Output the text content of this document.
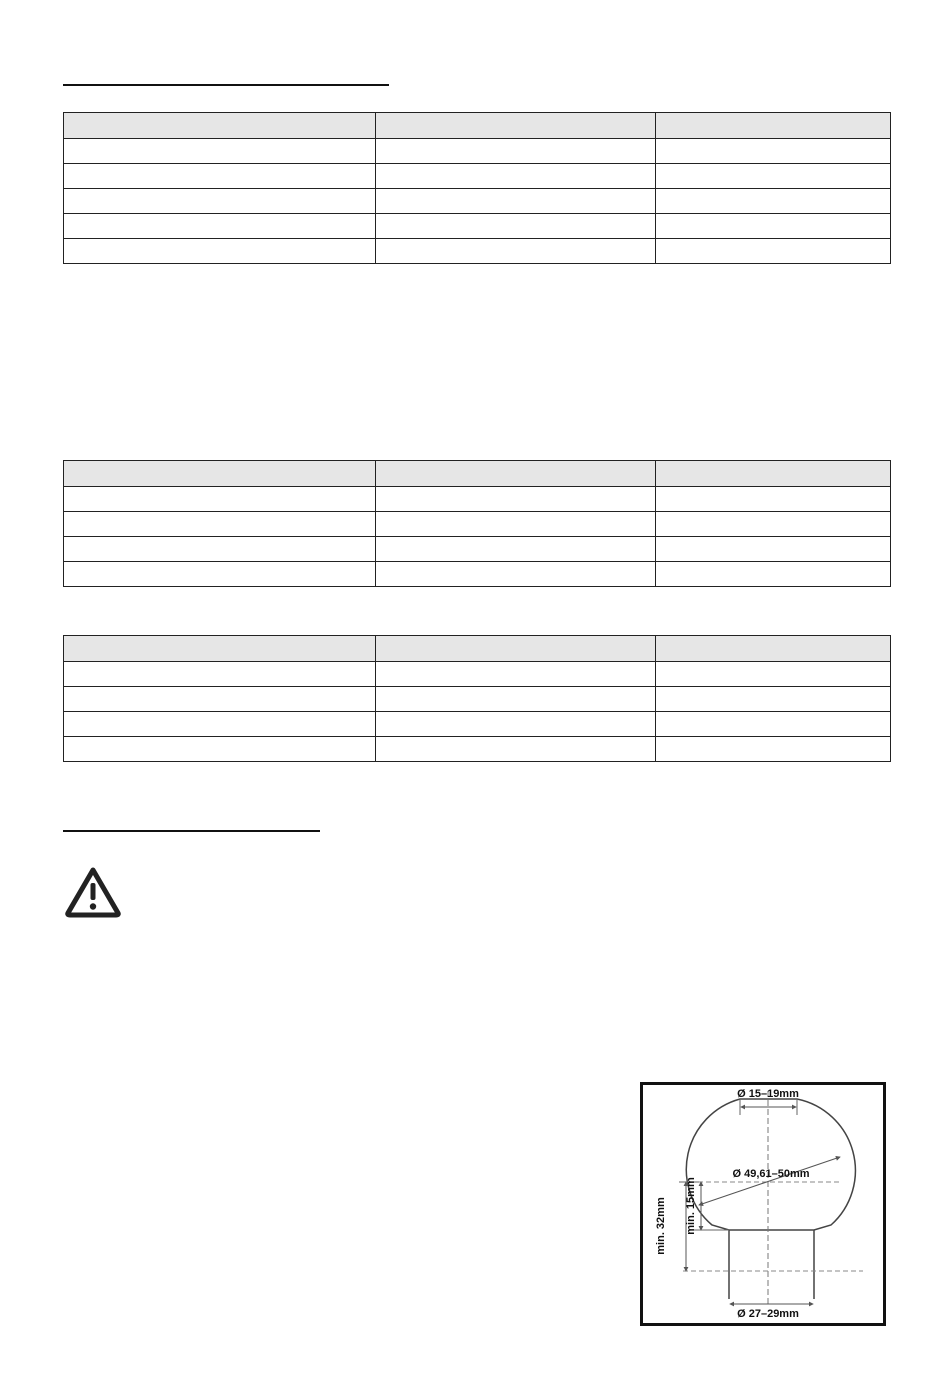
Ø 15–19mm
Ø 49,61–50mm
min. 15mm
min. 32mm
Ø 27–29mm
